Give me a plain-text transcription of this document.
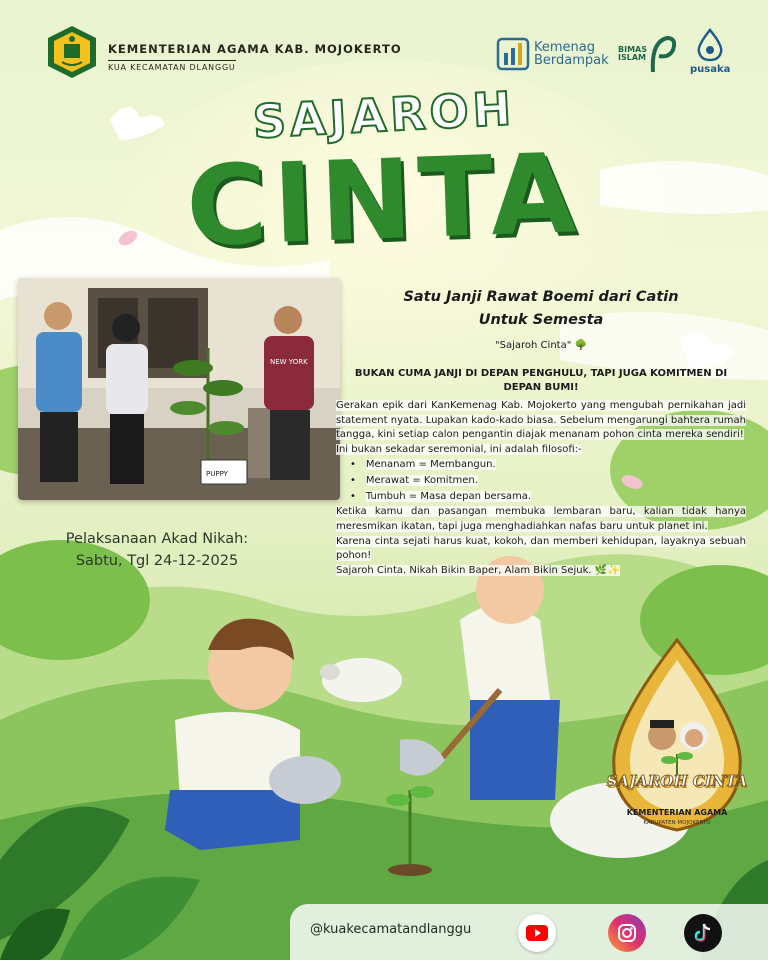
KEMENTERIAN AGAMA KAB. MOJOKERTO
KUA KECAMATAN DLANGGU
Kemenag
Berdampak
BIMAS
ISLAM
pusaka
SAJAROH
CINTA
PUPPY
NEW YORK
Pelaksanaan Akad Nikah:
Sabtu, Tgl 24-12-2025
Satu Janji Rawat Boemi dari Catin
Untuk Semesta
"Sajaroh Cinta" 🌳
BUKAN CUMA JANJI DI DEPAN PENGHULU, TAPI JUGA KOMITMEN DI DEPAN BUMI!
Gerakan epik dari KanKemenag Kab. Mojokerto yang mengubah pernikahan jadi statement nyata. Lupakan kado-kado biasa. Sebelum mengarungi bahtera rumah tangga, kini setiap calon pengantin diajak menanam pohon cinta mereka sendiri!
Ini bukan sekadar seremonial, ini adalah filosofi:-
• Menanam = Membangun.
• Merawat = Komitmen.
• Tumbuh = Masa depan bersama.
Ketika kamu dan pasangan membuka lembaran baru, kalian tidak hanya meresmikan ikatan, tapi juga menghadiahkan nafas baru untuk planet ini.
Karena cinta sejati harus kuat, kokoh, dan memberi kehidupan, layaknya sebuah pohon!
Sajaroh Cinta. Nikah Bikin Baper, Alam Bikin Sejuk. 🌿✨
SAJAROH CINTA
KEMENTERIAN AGAMA
KABUPATEN MOJOKERTO
@kuakecamatandlanggu
